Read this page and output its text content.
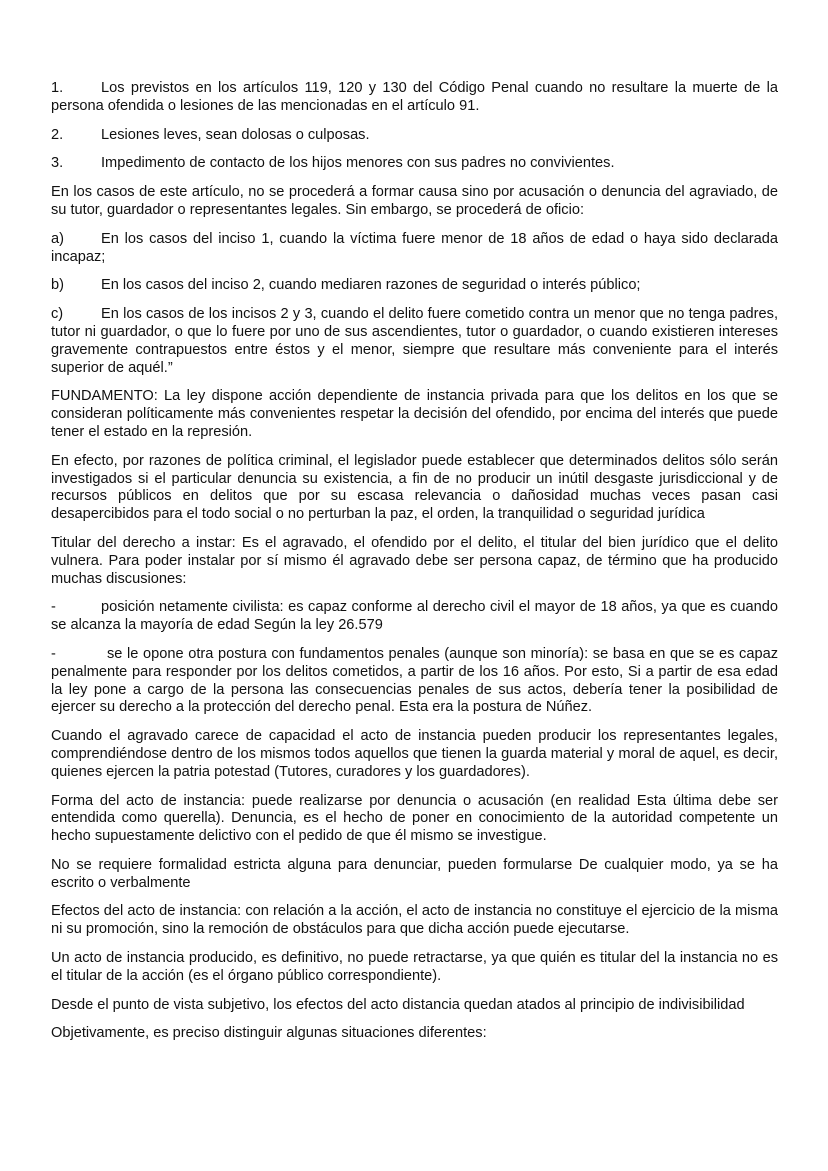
1.	Los previstos en los artículos 119, 120 y 130 del Código Penal cuando no resultare la muerte de la persona ofendida o lesiones de las mencionadas en el artículo 91.
2.	Lesiones leves, sean dolosas o culposas.
3.	Impedimento de contacto de los hijos menores con sus padres no convivientes.

En los casos de este artículo, no se procederá a formar causa sino por acusación o denuncia del agraviado, de su tutor, guardador o representantes legales. Sin embargo, se procederá de oficio:

a)	En los casos del inciso 1, cuando la víctima fuere menor de 18 años de edad o haya sido declarada incapaz;
b)	En los casos del inciso 2, cuando mediaren razones de seguridad o interés público;
c)	En los casos de los incisos 2 y 3, cuando el delito fuere cometido contra un menor que no tenga padres, tutor ni guardador, o que lo fuere por uno de sus ascendientes, tutor o guardador, o cuando existieren intereses gravemente contrapuestos entre éstos y el menor, siempre que resultare más conveniente para el interés superior de aquél.”

FUNDAMENTO: La ley dispone acción dependiente de instancia privada para que los delitos en los que se consideran políticamente más convenientes respetar la decisión del ofendido, por encima del interés que puede tener el estado en la represión.

En efecto, por razones de política criminal, el legislador puede establecer que determinados delitos sólo serán investigados si el particular denuncia su existencia, a fin de no producir un inútil desgaste jurisdiccional y de recursos públicos en delitos que por su escasa relevancia o dañosidad muchas veces pasan casi desapercibidos para el todo social o no perturban la paz, el orden, la tranquilidad o seguridad jurídica

Titular del derecho a instar: Es el agravado, el ofendido por el delito, el titular del bien jurídico que el delito vulnera. Para poder instalar por sí mismo él agravado debe ser persona capaz, de término que ha producido muchas discusiones:

-	posición netamente civilista: es capaz conforme al derecho civil el mayor de 18 años, ya que es cuando se alcanza la mayoría de edad Según la ley 26.579
-	se le opone otra postura con fundamentos penales (aunque son minoría): se basa en que se es capaz penalmente para responder por los delitos cometidos, a partir de los 16 años. Por esto, Si a partir de esa edad la ley pone a cargo de la persona las consecuencias penales de sus actos, debería tener la posibilidad de ejercer su derecho a la protección del derecho penal. Esta era la postura de Núñez.

Cuando el agravado carece de capacidad el acto de instancia pueden producir los representantes legales, comprendiéndose dentro de los mismos todos aquellos que tienen la guarda material y moral de aquel, es decir, quienes ejercen la patria potestad (Tutores, curadores y los guardadores).

Forma del acto de instancia: puede realizarse por denuncia o acusación (en realidad Esta última debe ser entendida como querella). Denuncia, es el hecho de poner en conocimiento de la autoridad competente un hecho supuestamente delictivo con el pedido de que él mismo se investigue.

No se requiere formalidad estricta alguna para denunciar, pueden formularse De cualquier modo, ya se ha escrito o verbalmente

Efectos del acto de instancia: con relación a la acción, el acto de instancia no constituye el ejercicio de la misma ni su promoción, sino la remoción de obstáculos para que dicha acción puede ejecutarse.

Un acto de instancia producido, es definitivo, no puede retractarse, ya que quién es titular del la instancia no es el titular de la acción (es el órgano público correspondiente).

Desde el punto de vista subjetivo, los efectos del acto distancia quedan atados al principio de indivisibilidad

Objetivamente, es preciso distinguir algunas situaciones diferentes:
